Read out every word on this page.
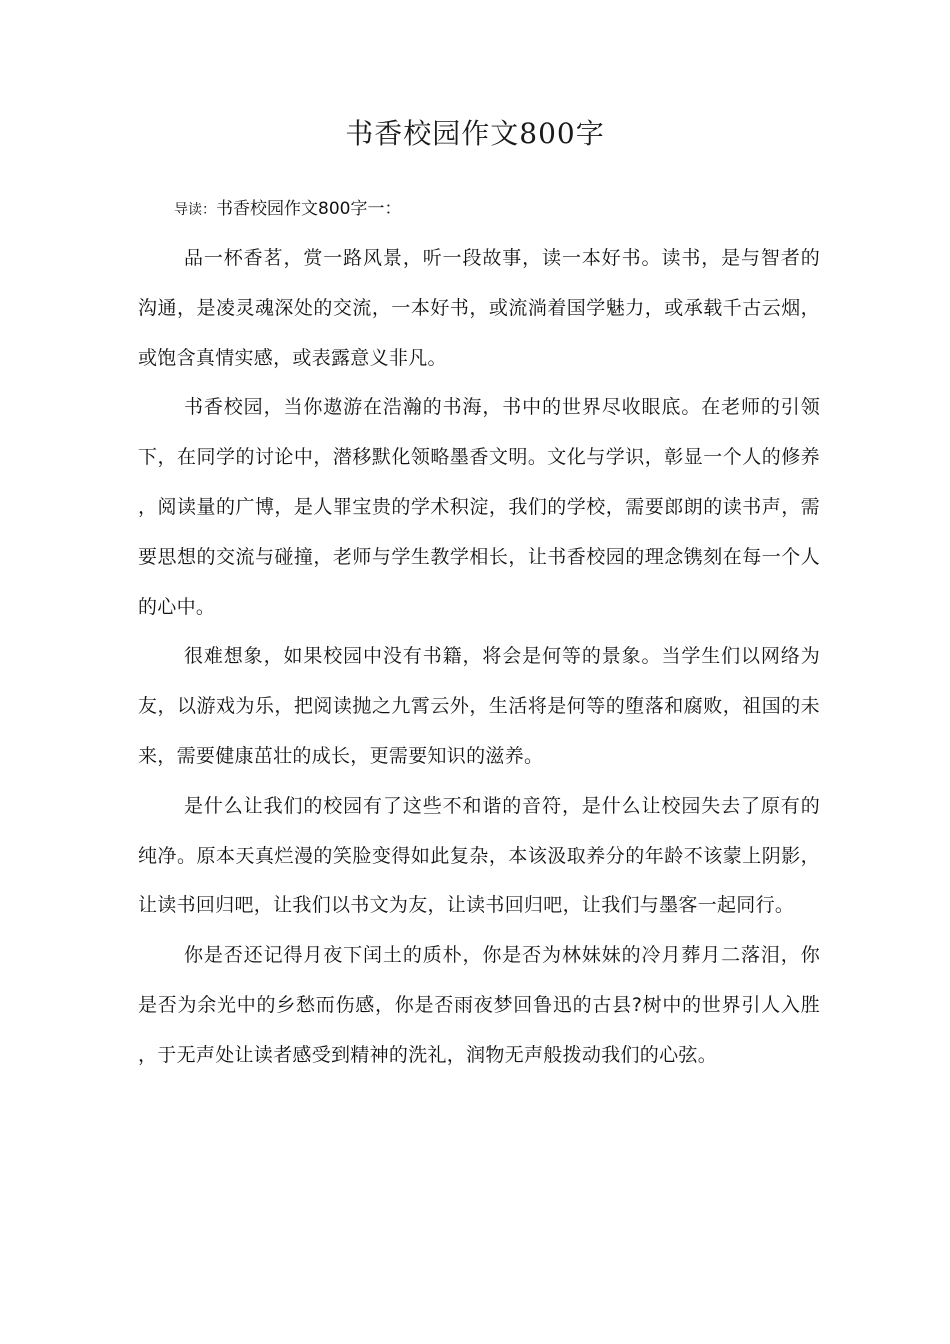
书香校园作文800字
导读：书香校园作文800字一：

品一杯香茗，赏一路风景，听一段故事，读一本好书。读书，是与智者的沟通，是凌灵魂深处的交流，一本好书，或流淌着国学魅力，或承载千古云烟，或饱含真情实感，或表露意义非凡。

书香校园，当你遨游在浩瀚的书海，书中的世界尽收眼底。在老师的引领下，在同学的讨论中，潜移默化领略墨香文明。文化与学识，彰显一个人的修养，阅读量的广博，是人罪宝贵的学术积淀，我们的学校，需要郎朗的读书声，需要思想的交流与碰撞，老师与学生教学相长，让书香校园的理念镌刻在每一个人的心中。

很难想象，如果校园中没有书籍，将会是何等的景象。当学生们以网络为友，以游戏为乐，把阅读抛之九霄云外，生活将是何等的堕落和腐败，祖国的未来，需要健康茁壮的成长，更需要知识的滋养。

是什么让我们的校园有了这些不和谐的音符，是什么让校园失去了原有的纯净。原本天真烂漫的笑脸变得如此复杂，本该汲取养分的年龄不该蒙上阴影，让读书回归吧，让我们以书文为友，让读书回归吧，让我们与墨客一起同行。

你是否还记得月夜下闰土的质朴，你是否为林妹妹的冷月葬月二落泪，你是否为余光中的乡愁而伤感，你是否雨夜梦回鲁迅的古县?树中的世界引人入胜，于无声处让读者感受到精神的洗礼，润物无声般拨动我们的心弦。
